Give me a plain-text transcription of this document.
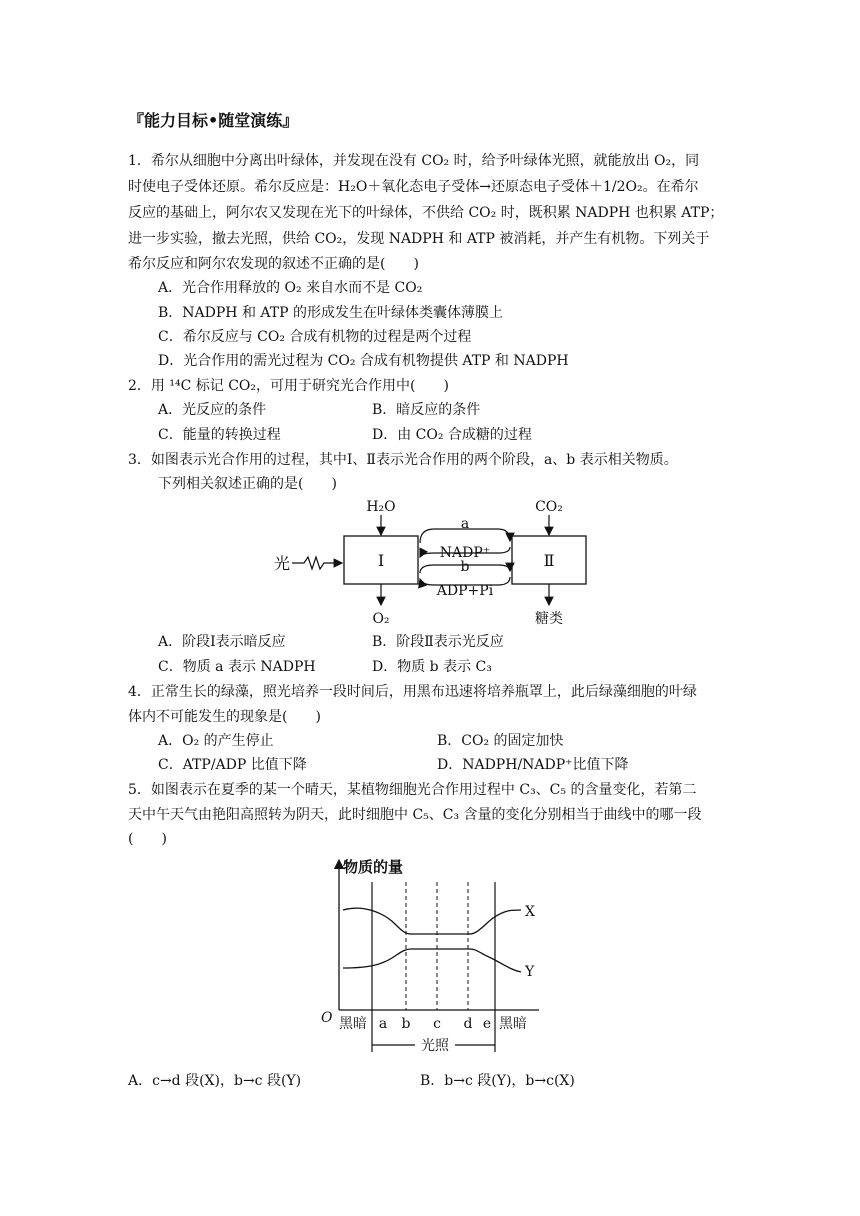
『能力目标•随堂演练』
1．希尔从细胞中分离出叶绿体，并发现在没有 CO₂ 时，给予叶绿体光照，就能放出 O₂，同
时使电子受体还原。希尔反应是：H₂O＋氧化态电子受体→还原态电子受体＋1/2O₂。在希尔
反应的基础上，阿尔农又发现在光下的叶绿体，不供给 CO₂ 时，既积累 NADPH 也积累 ATP；
进一步实验，撤去光照，供给 CO₂，发现 NADPH 和 ATP 被消耗，并产生有机物。下列关于
希尔反应和阿尔农发现的叙述不正确的是(　　)
A．光合作用释放的 O₂ 来自水而不是 CO₂
B．NADPH 和 ATP 的形成发生在叶绿体类囊体薄膜上
C．希尔反应与 CO₂ 合成有机物的过程是两个过程
D．光合作用的需光过程为 CO₂ 合成有机物提供 ATP 和 NADPH
2．用 ¹⁴C 标记 CO₂，可用于研究光合作用中(　　)
A．光反应的条件	B．暗反应的条件
C．能量的转换过程	D．由 CO₂ 合成糖的过程
3．如图表示光合作用的过程，其中Ⅰ、Ⅱ表示光合作用的两个阶段，a、b 表示相关物质。
下列相关叙述正确的是(　　)
光	Ⅰ	Ⅱ
H₂O	CO₂
O₂	糖类
a
NADP⁺
b
ADP+Pi
A．阶段Ⅰ表示暗反应	B．阶段Ⅱ表示光反应
C．物质 a 表示 NADPH	D．物质 b 表示 C₃
4．正常生长的绿藻，照光培养一段时间后，用黑布迅速将培养瓶罩上，此后绿藻细胞的叶绿
体内不可能发生的现象是(　　)
A．O₂ 的产生停止	B．CO₂ 的固定加快
C．ATP/ADP 比值下降	D．NADPH/NADP⁺比值下降
5．如图表示在夏季的某一个晴天，某植物细胞光合作用过程中 C₃、C₅ 的含量变化，若第二
天中午天气由艳阳高照转为阴天，此时细胞中 C₅、C₃ 含量的变化分别相当于曲线中的哪一段
(　　)
物质的量
O
X
Y
黑暗 a b c d e 黑暗
光照
A．c→d 段(X)，b→c 段(Y)	B．b→c 段(Y)，b→c(X)
